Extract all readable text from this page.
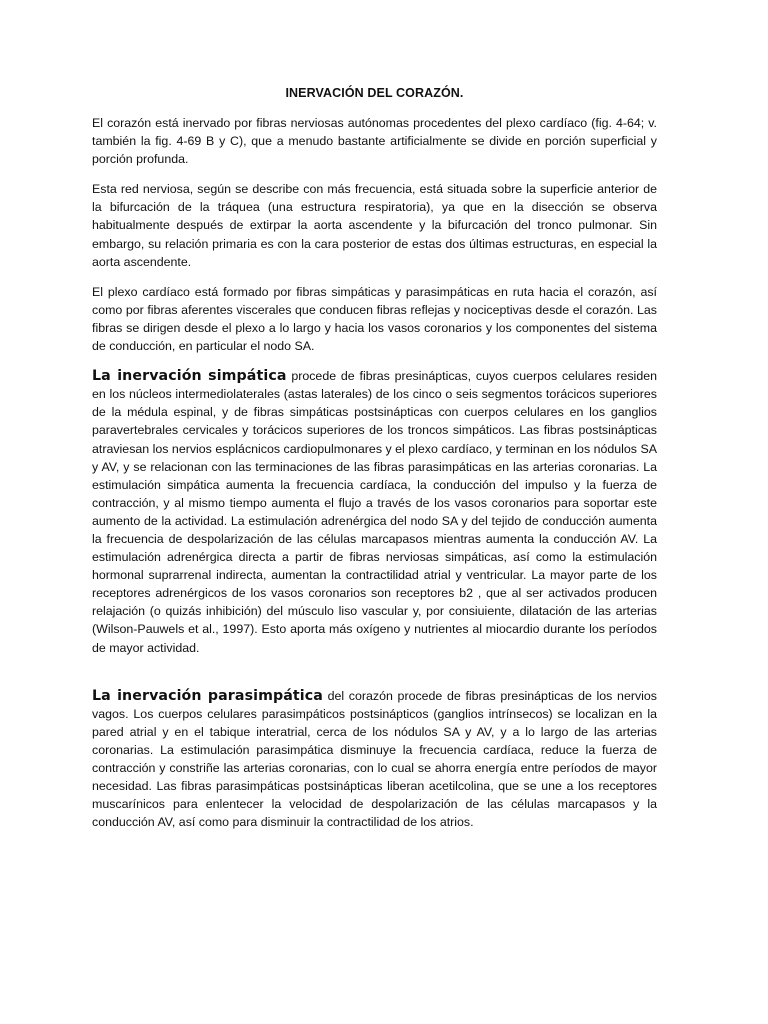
INERVACIÓN DEL CORAZÓN.

El corazón está inervado por fibras nerviosas autónomas procedentes del plexo cardíaco (fig. 4-64; v. también la fig. 4-69 B y C), que a menudo bastante artificialmente se divide en porción superficial y porción profunda.

Esta red nerviosa, según se describe con más frecuencia, está situada sobre la superficie anterior de la bifurcación de la tráquea (una estructura respiratoria), ya que en la disección se observa habitualmente después de extirpar la aorta ascendente y la bifurcación del tronco pulmonar. Sin embargo, su relación primaria es con la cara posterior de estas dos últimas estructuras, en especial la aorta ascendente.

El plexo cardíaco está formado por fibras simpáticas y parasimpáticas en ruta hacia el corazón, así como por fibras aferentes viscerales que conducen fibras reflejas y nociceptivas desde el corazón. Las fibras se dirigen desde el plexo a lo largo y hacia los vasos coronarios y los componentes del sistema de conducción, en particular el nodo SA.

La inervación simpática procede de fibras presinápticas, cuyos cuerpos celulares residen en los núcleos intermediolaterales (astas laterales) de los cinco o seis segmentos torácicos superiores de la médula espinal, y de fibras simpáticas postsinápticas con cuerpos celulares en los ganglios paravertebrales cervicales y torácicos superiores de los troncos simpáticos. Las fibras postsinápticas atraviesan los nervios esplácnicos cardiopulmonares y el plexo cardíaco, y terminan en los nódulos SA y AV, y se relacionan con las terminaciones de las fibras parasimpáticas en las arterias coronarias. La estimulación simpática aumenta la frecuencia cardíaca, la conducción del impulso y la fuerza de contracción, y al mismo tiempo aumenta el flujo a través de los vasos coronarios para soportar este aumento de la actividad. La estimulación adrenérgica del nodo SA y del tejido de conducción aumenta la frecuencia de despolarización de las células marcapasos mientras aumenta la conducción AV. La estimulación adrenérgica directa a partir de fibras nerviosas simpáticas, así como la estimulación hormonal suprarrenal indirecta, aumentan la contractilidad atrial y ventricular. La mayor parte de los receptores adrenérgicos de los vasos coronarios son receptores b2 , que al ser activados producen relajación (o quizás inhibición) del músculo liso vascular y, por consiuiente, dilatación de las arterias (Wilson-Pauwels et al., 1997). Esto aporta más oxígeno y nutrientes al miocardio durante los períodos de mayor actividad.

La inervación parasimpática del corazón procede de fibras presinápticas de los nervios vagos. Los cuerpos celulares parasimpáticos postsinápticos (ganglios intrínsecos) se localizan en la pared atrial y en el tabique interatrial, cerca de los nódulos SA y AV, y a lo largo de las arterias coronarias. La estimulación parasimpática disminuye la frecuencia cardíaca, reduce la fuerza de contracción y constriñe las arterias coronarias, con lo cual se ahorra energía entre períodos de mayor necesidad. Las fibras parasimpáticas postsinápticas liberan acetilcolina, que se une a los receptores muscarínicos para enlentecer la velocidad de despolarización de las células marcapasos y la conducción AV, así como para disminuir la contractilidad de los atrios.
